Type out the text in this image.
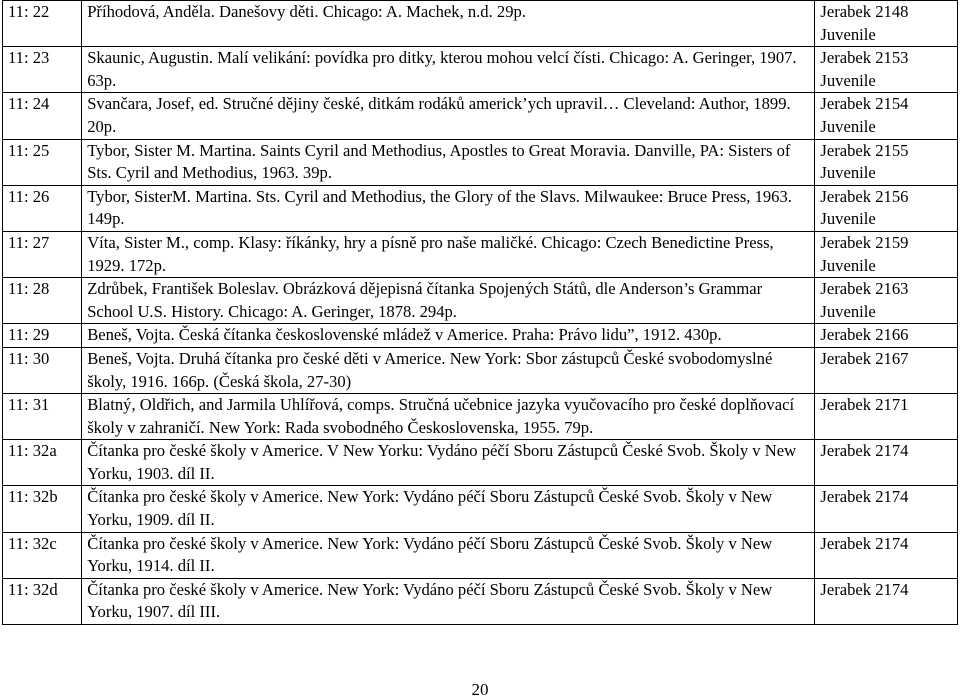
11: 22	Příhodová, Anděla. Danešovy děti. Chicago: A. Machek, n.d. 29p.	Jerabek 2148
Juvenile

11: 23	Skaunic, Augustin. Malí velikání: povídka pro ditky, kterou mohou velcí čísti. Chicago: A. Geringer, 1907. 63p.	Jerabek 2153
Juvenile

11: 24	Svančara, Josef, ed. Stručné dějiny české, ditkám rodáků americk’ych upravil… Cleveland: Author, 1899. 20p.	Jerabek 2154
Juvenile

11: 25	Tybor, Sister M. Martina. Saints Cyril and Methodius, Apostles to Great Moravia. Danville, PA: Sisters of Sts. Cyril and Methodius, 1963. 39p.	Jerabek 2155
Juvenile

11: 26	Tybor, SisterM. Martina. Sts. Cyril and Methodius, the Glory of the Slavs. Milwaukee: Bruce Press, 1963. 149p.	Jerabek 2156
Juvenile

11: 27	Víta, Sister M., comp. Klasy: říkánky, hry a písně pro naše maličké. Chicago: Czech Benedictine Press, 1929. 172p.	Jerabek 2159
Juvenile

11: 28	Zdrůbek, František Boleslav. Obrázková dějepisná čítanka Spojených Států, dle Anderson’s Grammar School U.S. History. Chicago: A. Geringer, 1878. 294p.	Jerabek 2163
Juvenile

11: 29	Beneš, Vojta. Česká čítanka československé mládež v Americe. Praha: Právo lidu”, 1912. 430p.	Jerabek 2166

11: 30	Beneš, Vojta. Druhá čítanka pro české děti v Americe. New York: Sbor zástupců České svobodomyslné školy, 1916. 166p. (Česká škola, 27-30)	Jerabek 2167

11: 31	Blatný, Oldřich, and Jarmila Uhlířová, comps. Stručná učebnice jazyka vyučovacího pro české doplňovací školy v zahraničí. New York: Rada svobodného Československa, 1955. 79p.	Jerabek 2171

11: 32a	Čítanka pro české školy v Americe. V New Yorku: Vydáno péčí Sboru Zástupců České Svob. Školy v New Yorku, 1903. díl II.	Jerabek 2174

11: 32b	Čítanka pro české školy v Americe. New York: Vydáno péčí Sboru Zástupců České Svob. Školy v New Yorku, 1909. díl II.	Jerabek 2174

11: 32c	Čítanka pro české školy v Americe. New York: Vydáno péčí Sboru Zástupců České Svob. Školy v New Yorku, 1914. díl II.	Jerabek 2174

11: 32d	Čítanka pro české školy v Americe. New York: Vydáno péčí Sboru Zástupců České Svob. Školy v New Yorku, 1907. díl III.	Jerabek 2174
20
